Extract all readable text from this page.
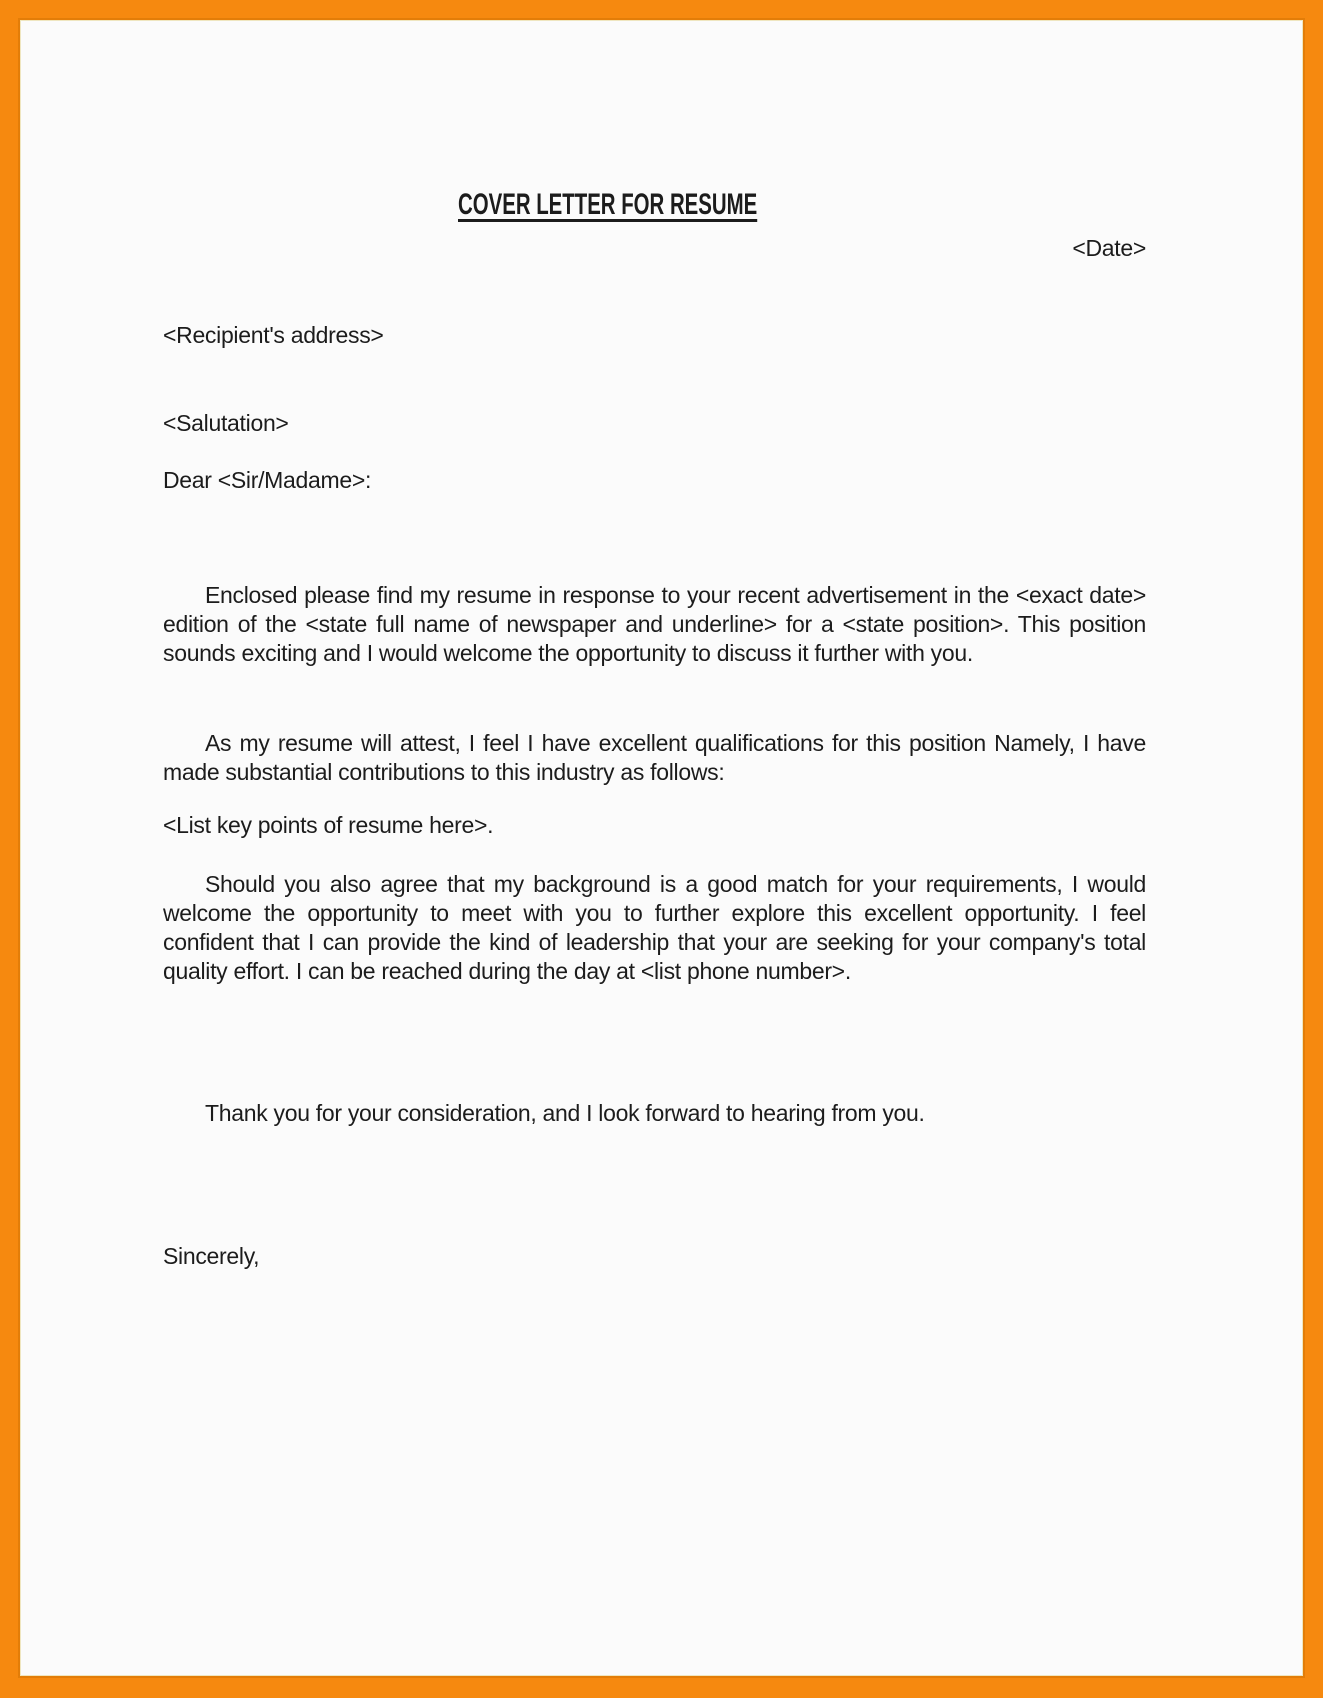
COVER LETTER FOR RESUME
<Date>
<Recipient's address>
<Salutation>
Dear <Sir/Madame>:

Enclosed please find my resume in response to your recent advertisement in the <exact date> edition of the <state full name of newspaper and underline> for a <state position>. This position sounds exciting and I would welcome the opportunity to discuss it further with you.

As my resume will attest, I feel I have excellent qualifications for this position Namely, I have made substantial contributions to this industry as follows:

<List key points of resume here>.

Should you also agree that my background is a good match for your requirements, I would welcome the opportunity to meet with you to further explore this excellent opportunity. I feel confident that I can provide the kind of leadership that your are seeking for your company's total quality effort. I can be reached during the day at <list phone number>.

Thank you for your consideration, and I look forward to hearing from you.
Sincerely,
